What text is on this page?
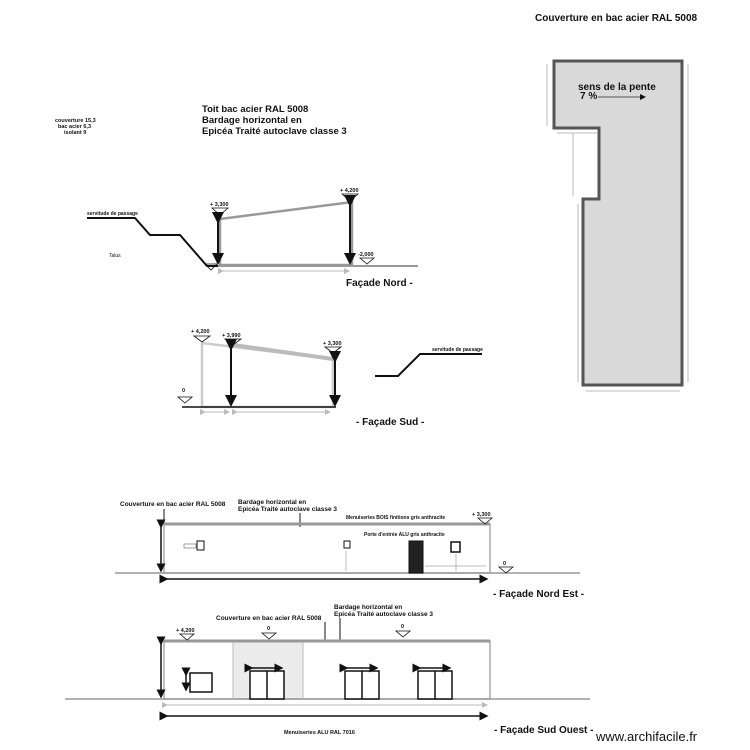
Couverture en bac acier RAL 5008
sens de la pente
7 %
Toit bac acier RAL 5008
Bardage horizontal en
Epicéa Traité autoclave classe 3
couverture 15,3
bac acier 6,3
isolant 9
servitude de passage
Talus
+ 3,300
+ 4,200
-2,000
Façade Nord -
+ 4,200
+ 3,990
+ 3,300
0
servitude de passage
- Façade Sud -
Couverture en bac acier RAL 5008 Bardage horizontal en
Epicéa Traité autoclave classe 3
Menuiseries BOIS finitions gris anthracite
Porte d'entrée ALU gris anthracite
+ 3,300
0
- Façade Nord Est -
Bardage horizontal en
Epicéa Traité autoclave classe 3
Couverture en bac acier RAL 5008
+ 4,200	0	0
Menuiseries ALU RAL 7016	- Façade Sud Ouest - www.archifacile.fr
